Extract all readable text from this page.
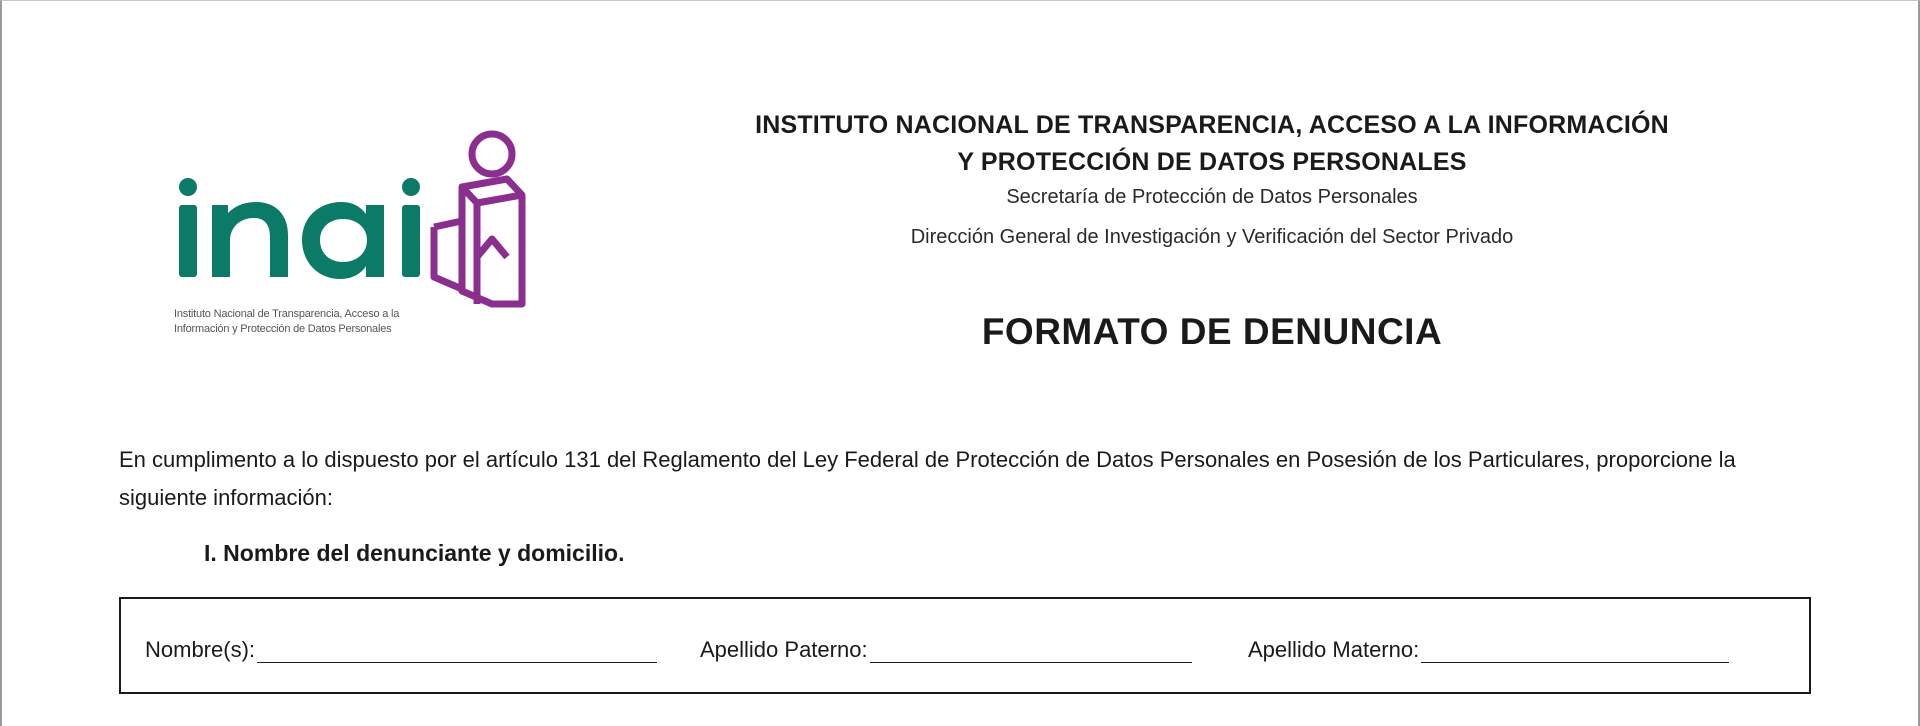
Instituto Nacional de Transparencia, Acceso a la
Información y Protección de Datos Personales
INSTITUTO NACIONAL DE TRANSPARENCIA, ACCESO A LA INFORMACIÓN
Y PROTECCIÓN DE DATOS PERSONALES
Secretaría de Protección de Datos Personales
Dirección General de Investigación y Verificación del Sector Privado
FORMATO DE DENUNCIA
En cumplimento a lo dispuesto por el artículo 131 del Reglamento del Ley Federal de Protección de Datos Personales en Posesión de los Particulares, proporcione la siguiente información:
I. Nombre del denunciante y domicilio.
Nombre(s):	Apellido Paterno:	Apellido Materno:
